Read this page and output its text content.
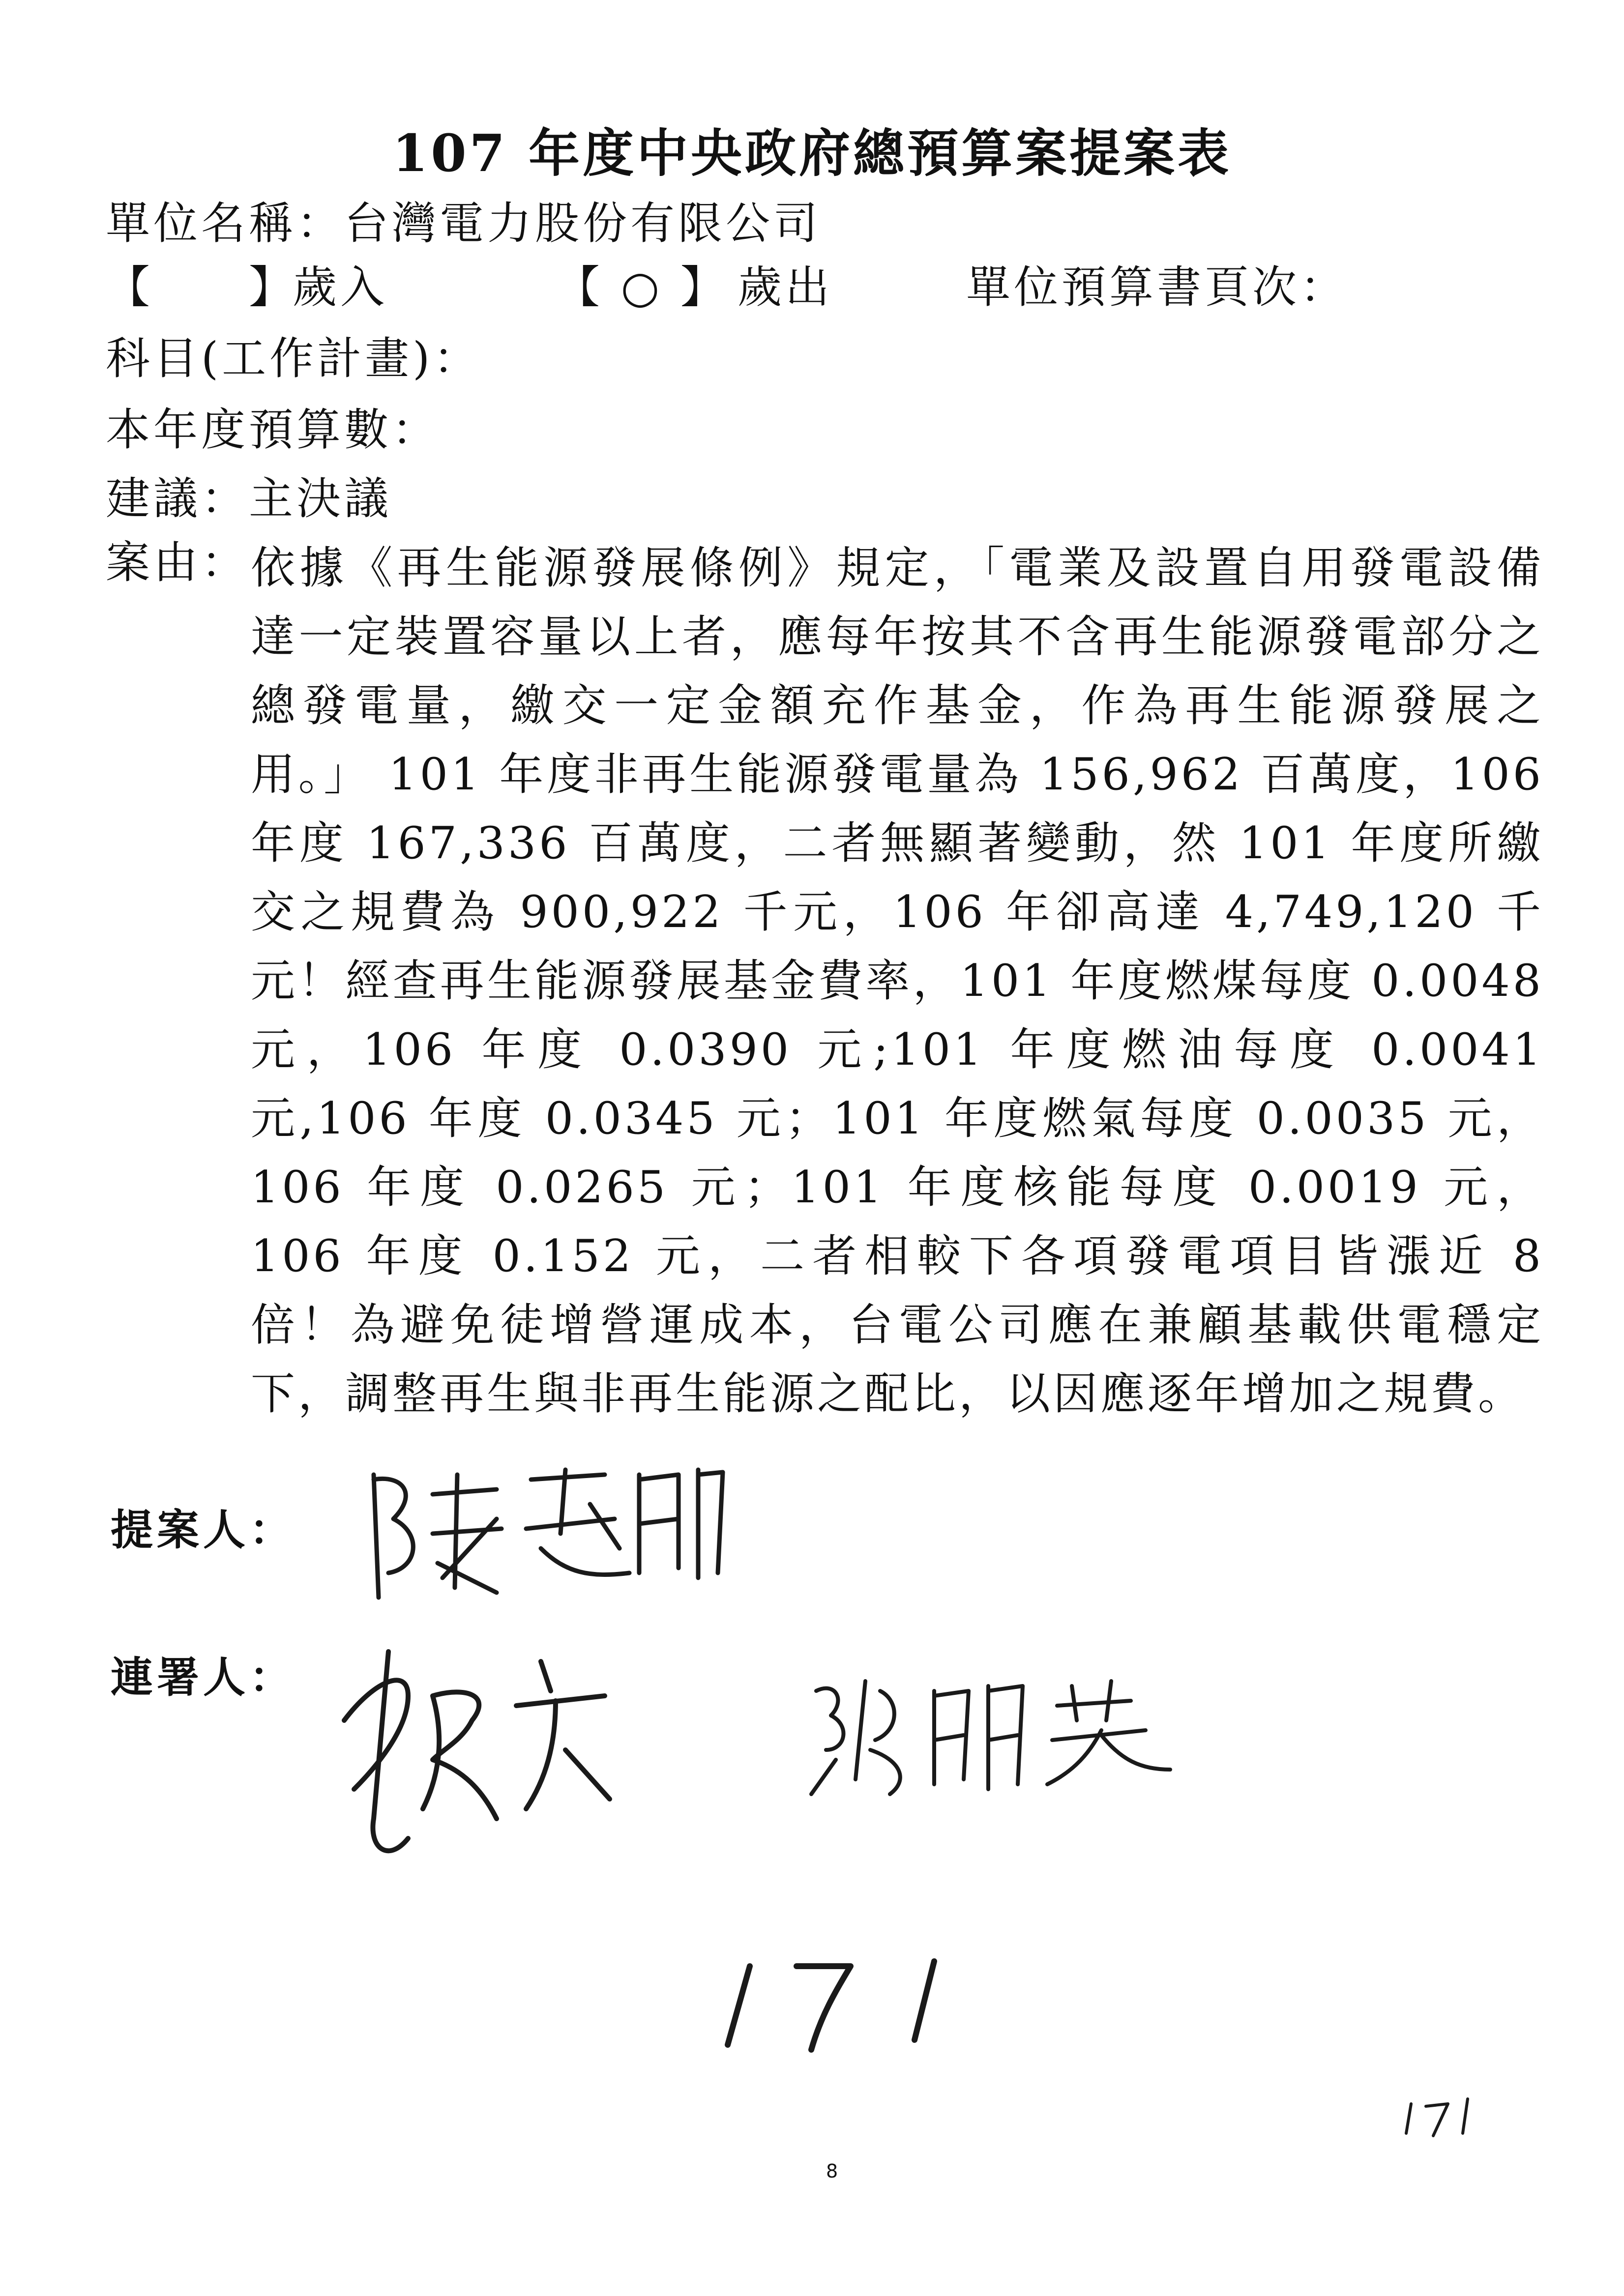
107 年度中央政府總預算案提案表
單位名稱：台灣電力股份有限公司
【　　】
歲入	【 ○ 】 歲出	單位預算書頁次：
科目(工作計畫)：
本年度預算數：
建議：主決議
案由： 依據《再生能源發展條例》規定，「電業及設置自用發電設備達一定裝置容量以上者，應每年按其不含再生能源發電部分之總發電量，繳交一定金額充作基金，作為再生能源發展之用。」 101 年度非再生能源發電量為 156,962 百萬度，106 年度 167,336 百萬度，二者無顯著變動，然 101 年度所繳交之規費為 900,922 千元，106 年卻高達 4,749,120 千元！經查再生能源發展基金費率，101 年度燃煤每度 0.0048 元，106 年度 0.0390 元;101 年度燃油每度 0.0041 元,106 年度 0.0345 元；101 年度燃氣每度 0.0035 元，106 年度 0.0265 元；101 年度核能每度 0.0019 元，106 年度 0.152 元，二者相較下各項發電項目皆漲近 8 倍！為避免徒增營運成本，台電公司應在兼顧基載供電穩定下，調整再生與非再生能源之配比，以因應逐年增加之規費。

提案人：
連署人：
8
